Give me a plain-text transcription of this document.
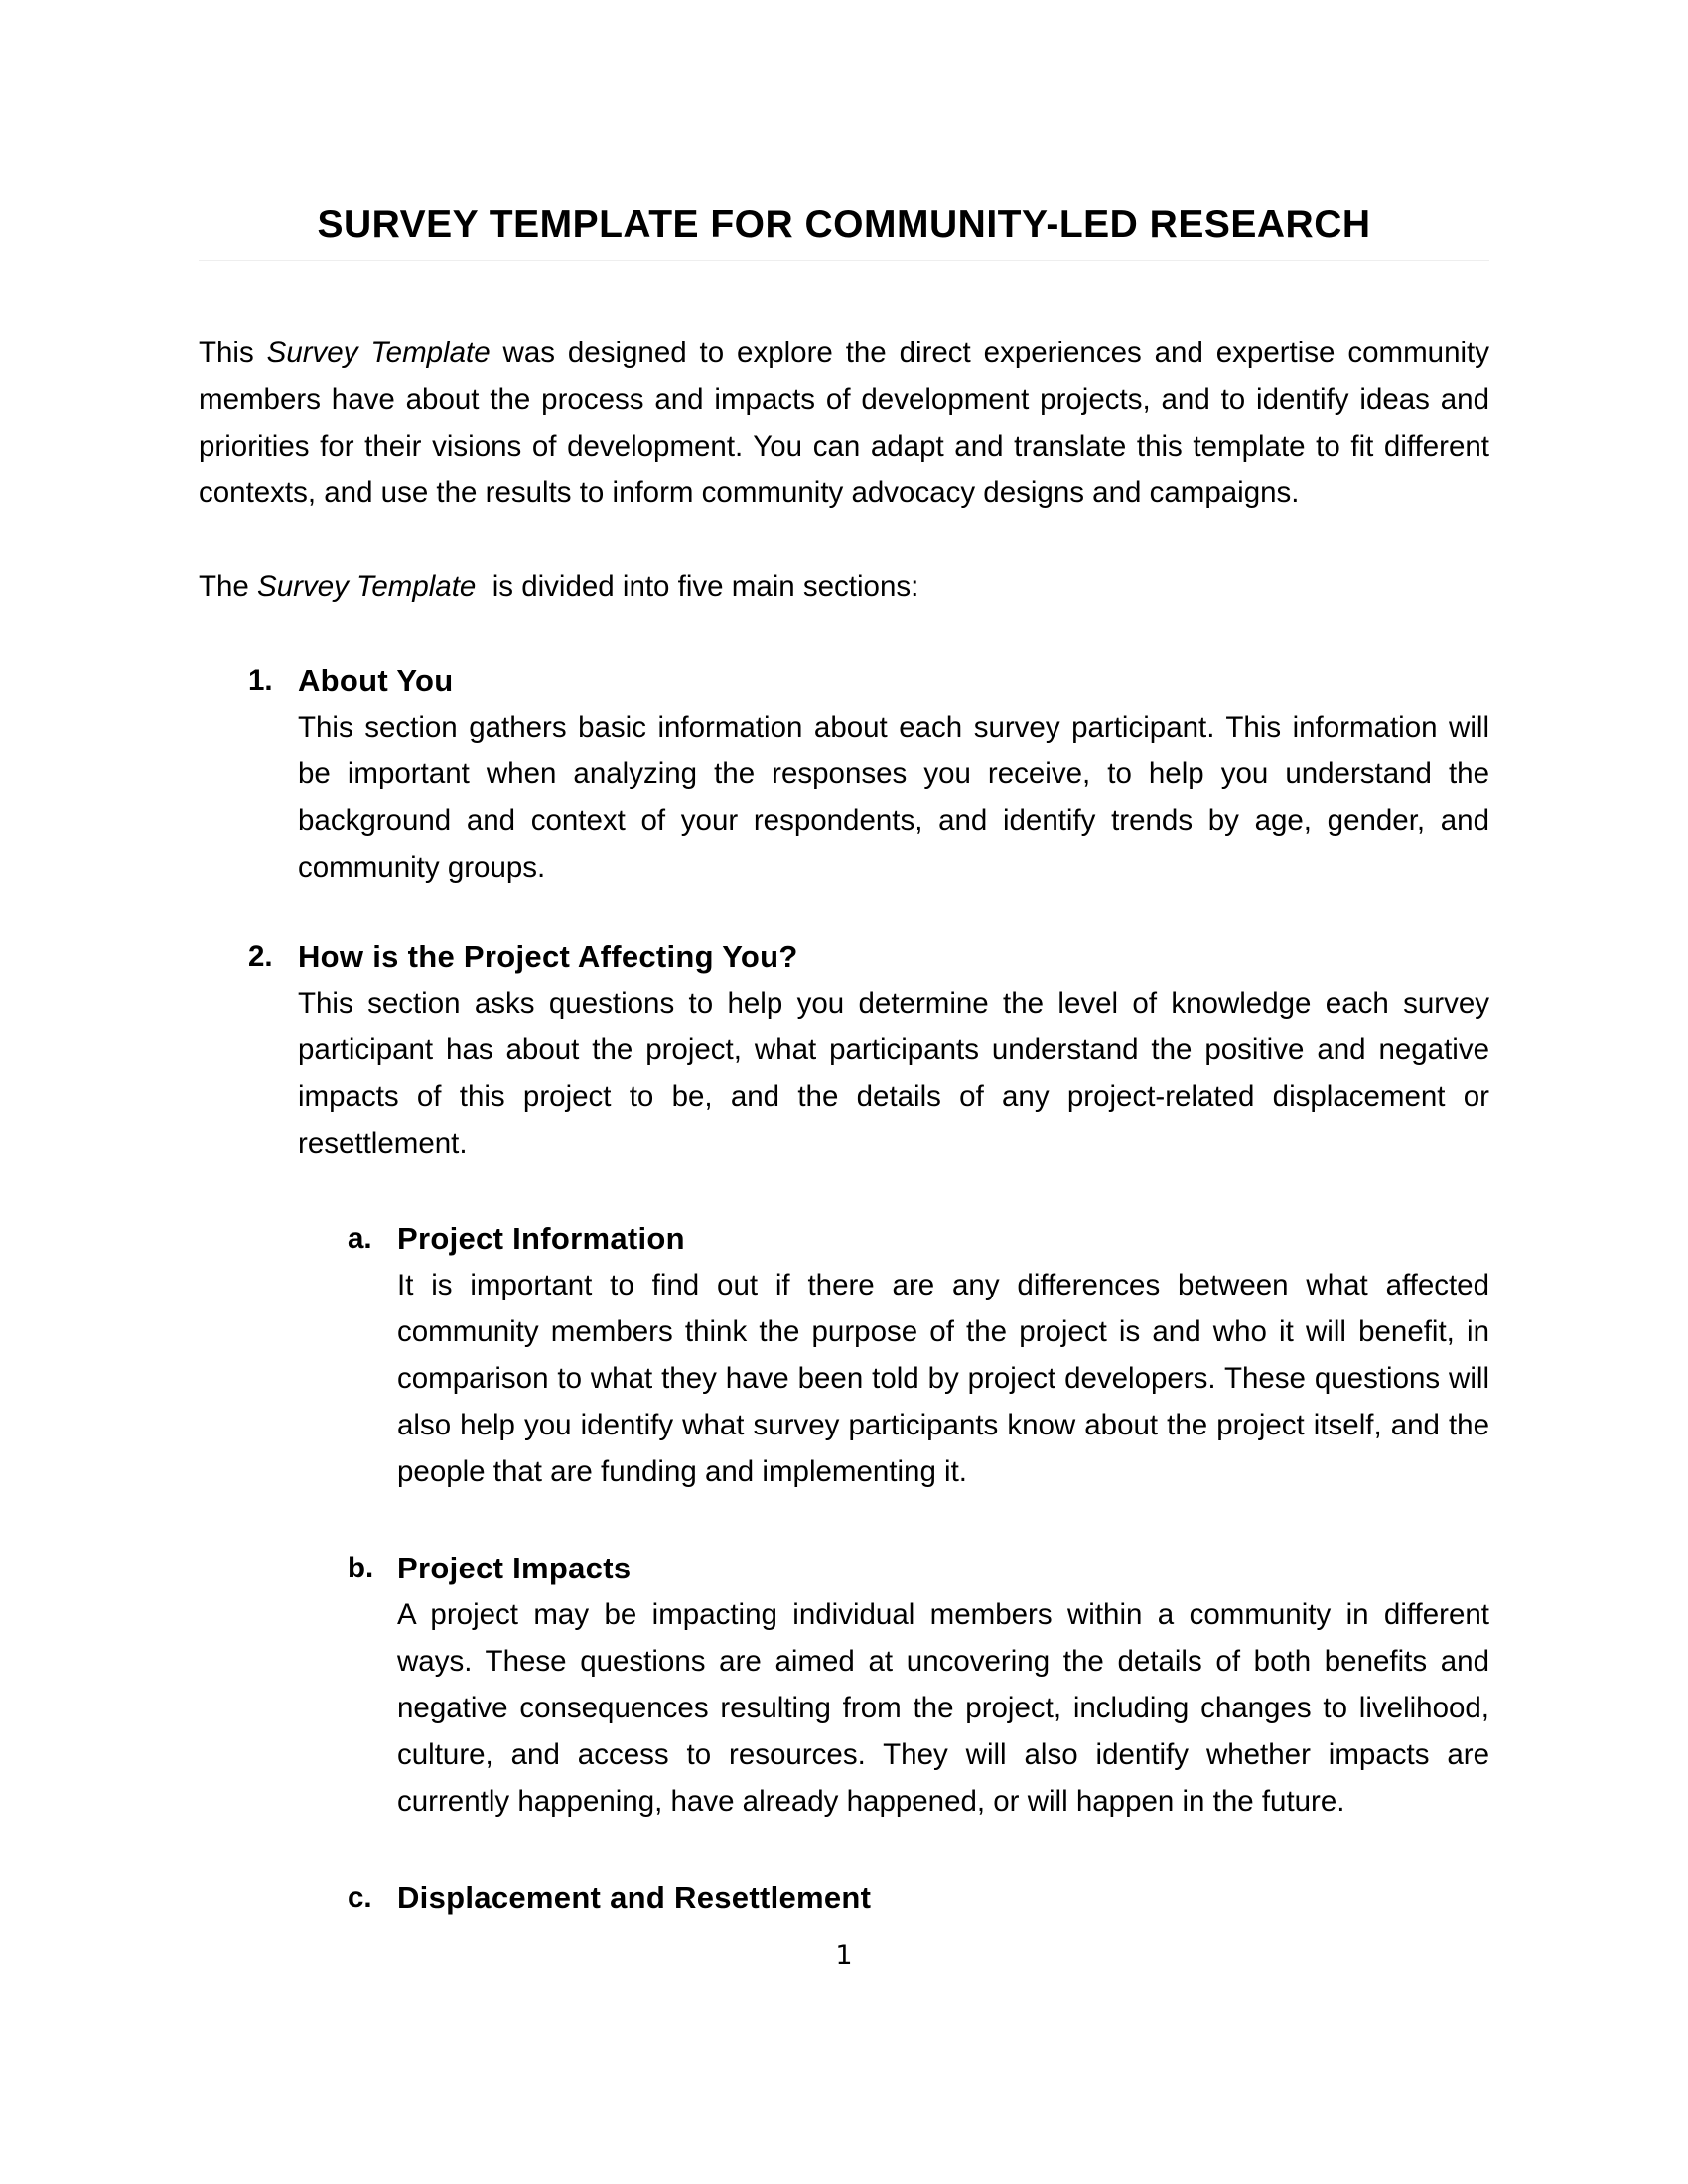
SURVEY TEMPLATE FOR COMMUNITY-LED RESEARCH

This Survey Template was designed to explore the direct experiences and expertise community members have about the process and impacts of development projects, and to identify ideas and priorities for their visions of development. You can adapt and translate this template to fit different contexts, and use the results to inform community advocacy designs and campaigns.

The Survey Template  is divided into five main sections:

1. About You

This section gathers basic information about each survey participant. This information will be important when analyzing the responses you receive, to help you understand the background and context of your respondents, and identify trends by age, gender, and community groups.

2. How is the Project Affecting You?

This section asks questions to help you determine the level of knowledge each survey participant has about the project, what participants understand the positive and negative impacts of this project to be, and the details of any project-related displacement or resettlement.

a. Project Information

It is important to find out if there are any differences between what affected community members think the purpose of the project is and who it will benefit, in comparison to what they have been told by project developers. These questions will also help you identify what survey participants know about the project itself, and the people that are funding and implementing it.

b. Project Impacts

A project may be impacting individual members within a community in different ways. These questions are aimed at uncovering the details of both benefits and negative consequences resulting from the project, including changes to livelihood, culture, and access to resources. They will also identify whether impacts are currently happening, have already happened, or will happen in the future.

c. Displacement and Resettlement
1
